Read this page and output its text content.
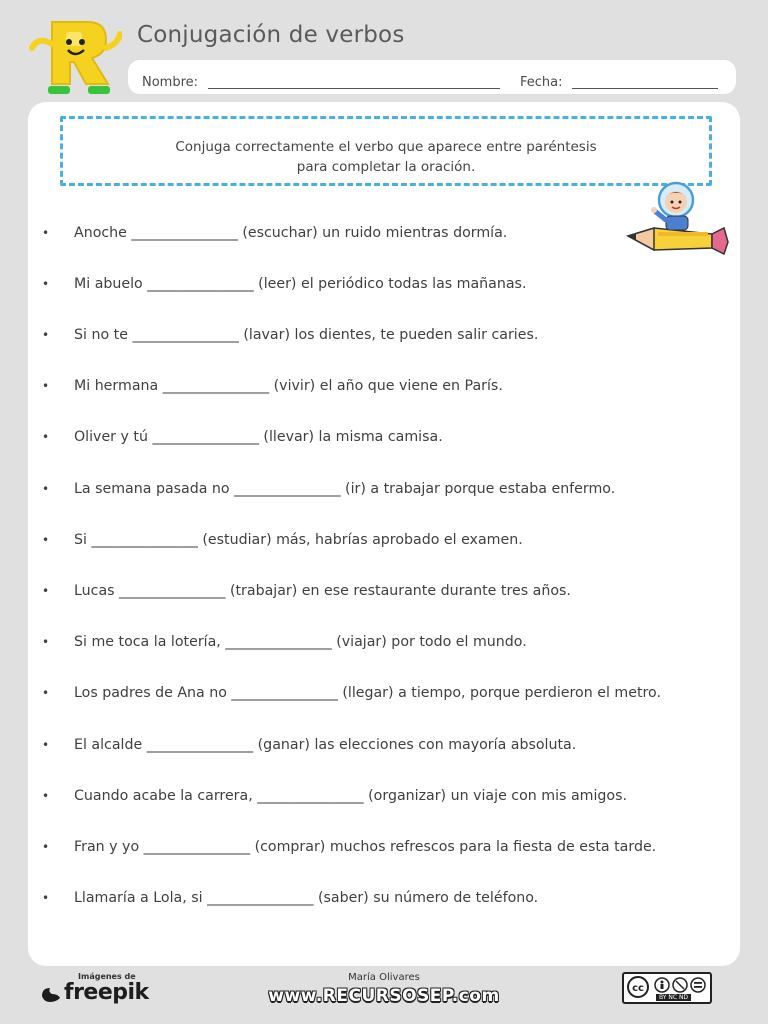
Conjugación de verbos
Nombre:	Fecha:
Conjuga correctamente el verbo que aparece entre paréntesis
para completar la oración.
• Anoche _______________ (escuchar) un ruido mientras dormía.
• Mi abuelo _______________ (leer) el periódico todas las mañanas.
• Si no te _______________ (lavar) los dientes, te pueden salir caries.
• Mi hermana _______________ (vivir) el año que viene en París.
• Oliver y tú _______________ (llevar) la misma camisa.
• La semana pasada no _______________ (ir) a trabajar porque estaba enfermo.
• Si _______________ (estudiar) más, habrías aprobado el examen.
• Lucas _______________ (trabajar) en ese restaurante durante tres años.
• Si me toca la lotería, _______________ (viajar) por todo el mundo.
• Los padres de Ana no _______________ (llegar) a tiempo, porque perdieron el metro.
• El alcalde _______________ (ganar) las elecciones con mayoría absoluta.
• Cuando acabe la carrera, _______________ (organizar) un viaje con mis amigos.
• Fran y yo _______________ (comprar) muchos refrescos para la fiesta de esta tarde.
• Llamaría a Lola, si _______________ (saber) su número de teléfono.
Imágenes de
freepik
María Olivares
www.RECURSOSEP.com	cc
BY NC ND
